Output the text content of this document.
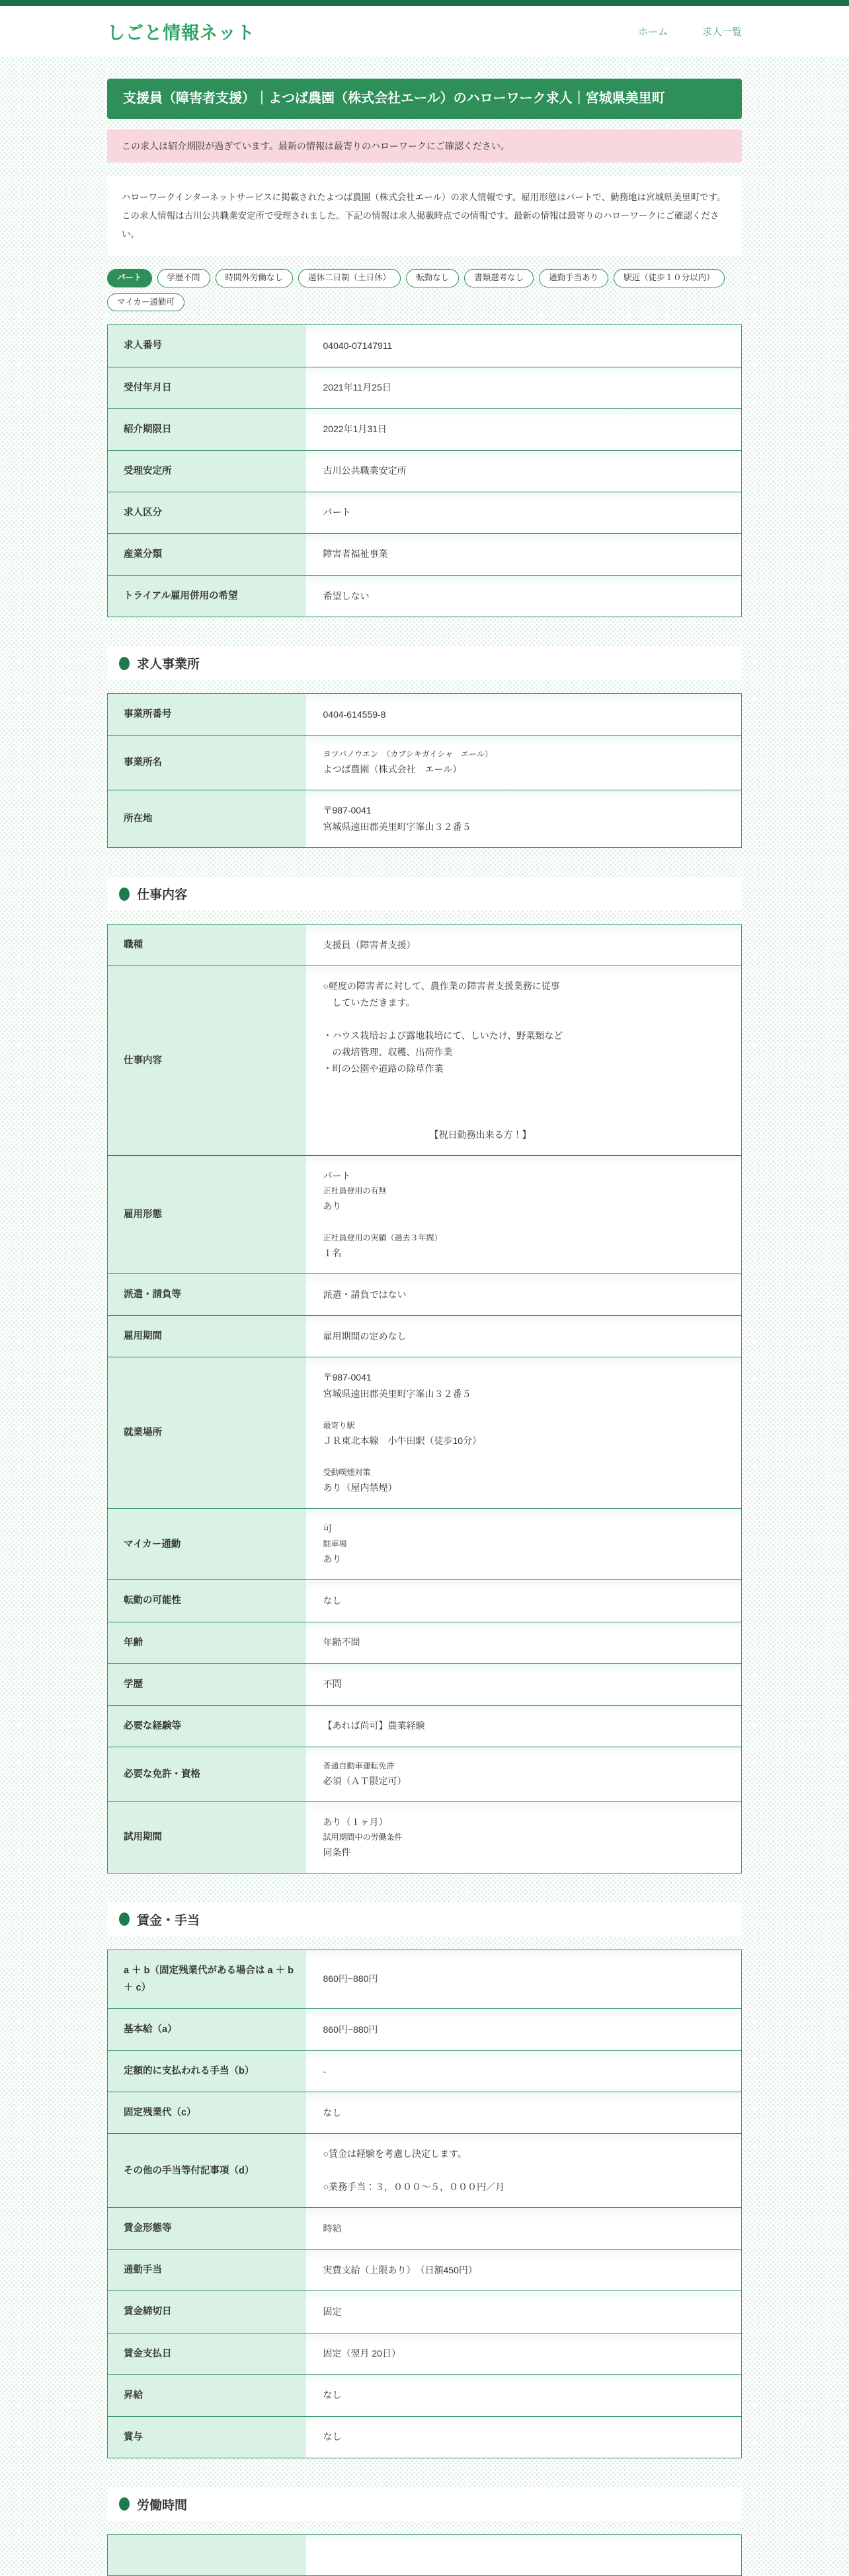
しごと情報ネット	ホーム	求人一覧
支援員（障害者支援）｜よつば農園（株式会社エール）のハローワーク求人｜宮城県美里町
この求人は紹介期限が過ぎています。最新の情報は最寄りのハローワークにご確認ください。
ハローワークインターネットサービスに掲載されたよつば農園（株式会社エール）の求人情報です。雇用形態はパートで、勤務地は宮城県美里町です。この求人情報は古川公共職業安定所で受理されました。下記の情報は求人掲載時点での情報です。最新の情報は最寄りのハローワークにご確認ください。
パート	学歴不問	時間外労働なし	週休二日制（土日休）	転勤なし	書類選考なし	通勤手当あり	駅近（徒歩１０分以内）
マイカー通勤可
求人番号	04040-07147911

受付年月日	2021年11月25日

紹介期限日	2022年1月31日

受理安定所	古川公共職業安定所

求人区分	パート

産業分類	障害者福祉事業

トライアル雇用併用の希望	希望しない
求人事業所
事業所番号	0404-614559-8

事業所名	ヨツバノウエン　（カブシキガイシャ　エール）
よつば農園（株式会社　エール）

所在地	〒987-0041
宮城県遠田郡美里町字峯山３２番５
仕事内容
職種	支援員（障害者支援）

仕事内容	
○軽度の障害者に対して、農作業の障害者支援業務に従事
　していただきます。
・ハウス栽培および露地栽培にて、しいたけ、野菜類など
　の栽培管理、収穫、出荷作業
・町の公園や道路の除草作業
　　　　　　　　　　　　【祝日勤務出来る方！】

雇用形態	パート
正社員登用の有無
あり
正社員登用の実績（過去３年間）
１名

派遣・請負等	派遣・請負ではない

雇用期間	雇用期間の定めなし

就業場所	
〒987-0041
宮城県遠田郡美里町字峯山３２番５
最寄り駅
ＪＲ東北本線　小牛田駅（徒歩10分）
受動喫煙対策
あり（屋内禁煙）

マイカー通勤	可
駐車場
あり

転勤の可能性	なし

年齢	年齢不問

学歴	不問

必要な経験等	【あれば尚可】農業経験

必要な免許・資格	普通自動車運転免許
必須（ＡＴ限定可）

試用期間	あり（１ヶ月）
試用期間中の労働条件
同条件
賃金・手当
a ＋ b（固定残業代がある場合は a ＋ b ＋ c）	860円~880円

基本給（a）	860円~880円

定額的に支払われる手当（b）	-

固定残業代（c）	なし

その他の手当等付記事項（d）	○賃金は経験を考慮し決定します。
○業務手当：３，０００～５，０００円／月

賃金形態等	時給

通勤手当	実費支給（上限あり）　（日額450円）

賃金締切日	固定

賃金支払日	固定（翌月 20日）

昇給	なし

賞与	なし
労働時間
